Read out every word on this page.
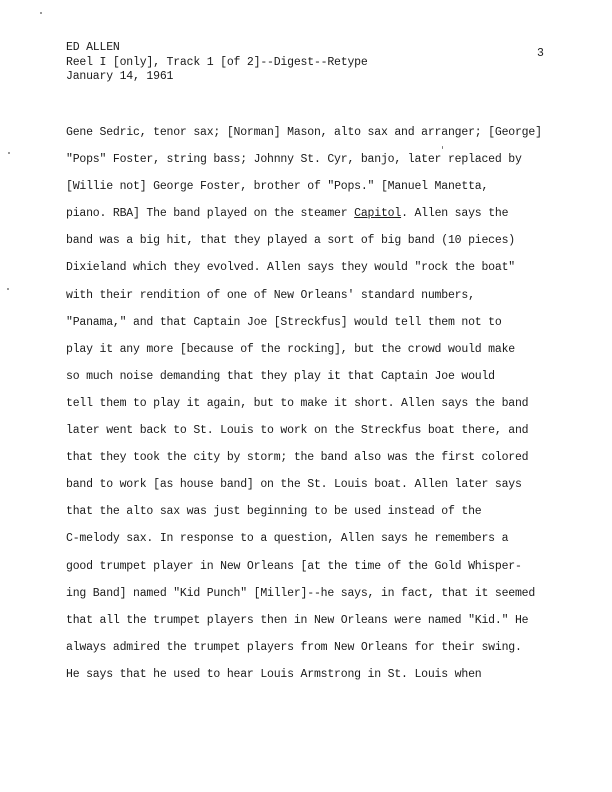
ED ALLEN
Reel I [only], Track 1 [of 2]--Digest--Retype
January 14, 1961
3
Gene Sedric, tenor sax; [Norman] Mason, alto sax and arranger; [George]
"Pops" Foster, string bass; Johnny St. Cyr, banjo, later replaced by
[Willie not] George Foster, brother of "Pops." [Manuel Manetta,
piano. RBA] The band played on the steamer Capitol. Allen says the
band was a big hit, that they played a sort of big band (10 pieces)
Dixieland which they evolved. Allen says they would "rock the boat"
with their rendition of one of New Orleans' standard numbers,
"Panama," and that Captain Joe [Streckfus] would tell them not to
play it any more [because of the rocking], but the crowd would make
so much noise demanding that they play it that Captain Joe would
tell them to play it again, but to make it short. Allen says the band
later went back to St. Louis to work on the Streckfus boat there, and
that they took the city by storm; the band also was the first colored
band to work [as house band] on the St. Louis boat. Allen later says
that the alto sax was just beginning to be used instead of the
C-melody sax. In response to a question, Allen says he remembers a
good trumpet player in New Orleans [at the time of the Gold Whisper-
ing Band] named "Kid Punch" [Miller]--he says, in fact, that it seemed
that all the trumpet players then in New Orleans were named "Kid." He
always admired the trumpet players from New Orleans for their swing.
He says that he used to hear Louis Armstrong in St. Louis when
